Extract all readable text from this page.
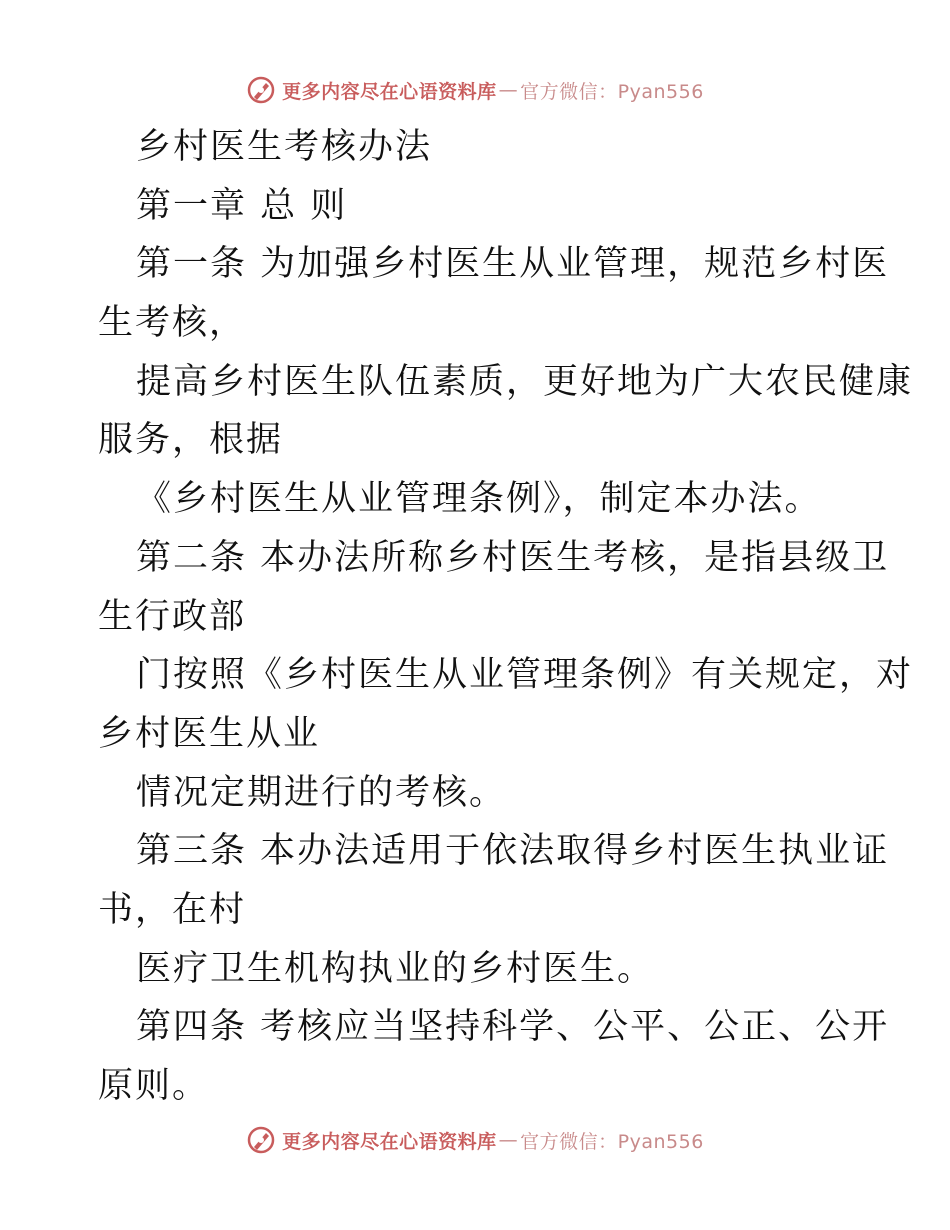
更多内容尽在心语资料库 — 官方微信：Pyan556
乡村医生考核办法
第一章 总 则
第一条 为加强乡村医生从业管理，规范乡村医
生考核，
提高乡村医生队伍素质，更好地为广大农民健康
服务，根据
《乡村医生从业管理条例》，制定本办法。
第二条 本办法所称乡村医生考核，是指县级卫
生行政部
门按照《乡村医生从业管理条例》有关规定，对
乡村医生从业
情况定期进行的考核。
第三条 本办法适用于依法取得乡村医生执业证
书，在村
医疗卫生机构执业的乡村医生。
第四条 考核应当坚持科学、公平、公正、公开
原则。
更多内容尽在心语资料库 — 官方微信：Pyan556
